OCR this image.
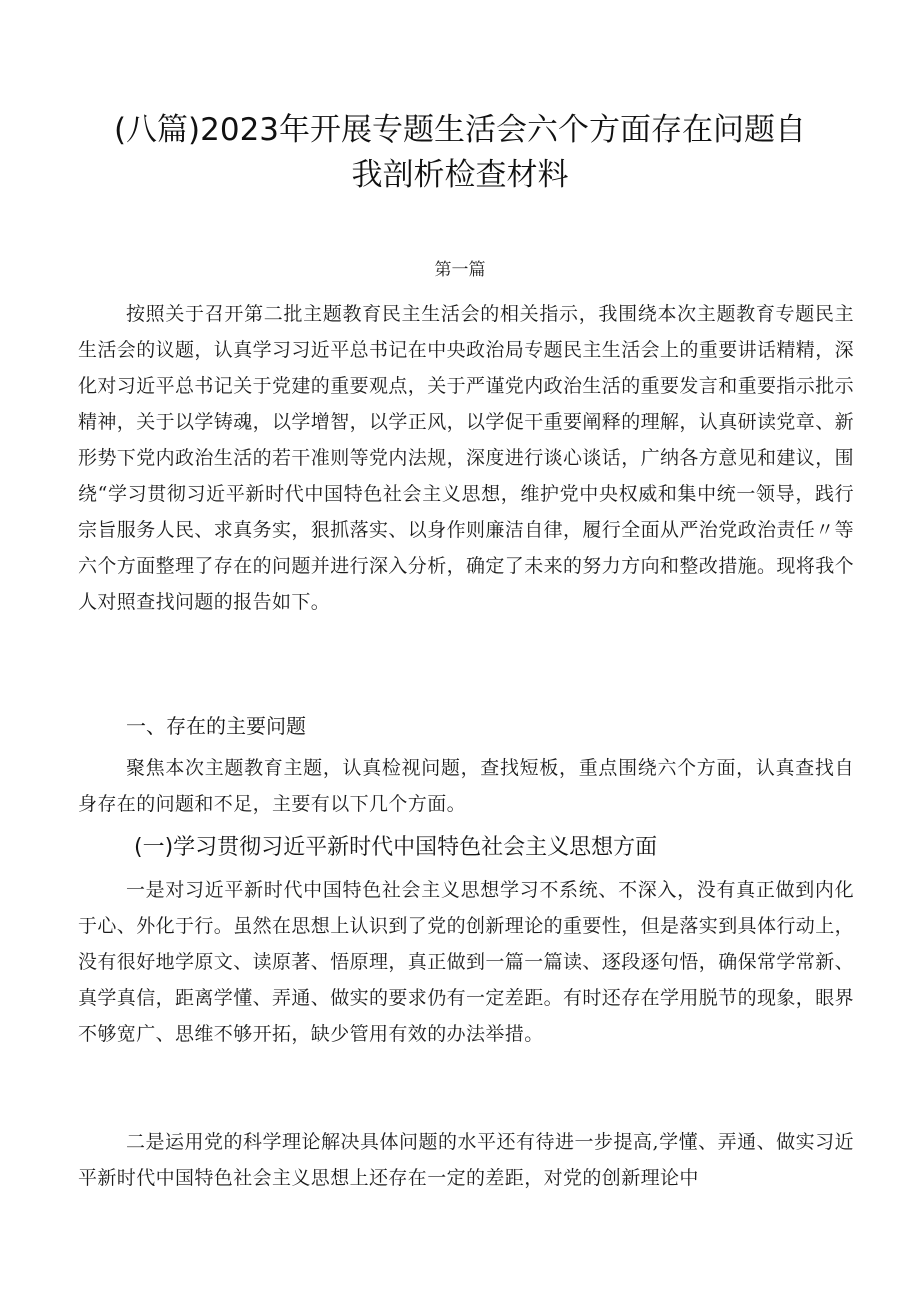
(八篇)2023年开展专题生活会六个方面存在问题自
我剖析检查材料
第一篇

按照关于召开第二批主题教育民主生活会的相关指示，我围绕本次主题教育专题民主生活会的议题，认真学习习近平总书记在中央政治局专题民主生活会上的重要讲话精精，深化对习近平总书记关于党建的重要观点，关于严谨党内政治生活的重要发言和重要指示批示精神，关于以学铸魂，以学增智，以学正风，以学促干重要阐释的理解，认真研读党章、新形势下党内政治生活的若干准则等党内法规，深度进行谈心谈话，广纳各方意见和建议，围绕“学习贯彻习近平新时代中国特色社会主义思想，维护党中央权威和集中统一领导，践行宗旨服务人民、求真务实，狠抓落实、以身作则廉洁自律，履行全面从严治党政治责任〃等六个方面整理了存在的问题并进行深入分析，确定了未来的努力方向和整改措施。现将我个人对照查找问题的报告如下。

一、存在的主要问题

聚焦本次主题教育主题，认真检视问题，查找短板，重点围绕六个方面，认真查找自身存在的问题和不足，主要有以下几个方面。

(一)学习贯彻习近平新时代中国特色社会主义思想方面

一是对习近平新时代中国特色社会主义思想学习不系统、不深入，没有真正做到内化于心、外化于行。虽然在思想上认识到了党的创新理论的重要性，但是落实到具体行动上，没有很好地学原文、读原著、悟原理，真正做到一篇一篇读、逐段逐句悟，确保常学常新、真学真信，距离学懂、弄通、做实的要求仍有一定差距。有时还存在学用脱节的现象，眼界不够宽广、思维不够开拓，缺少管用有效的办法举措。

二是运用党的科学理论解决具体问题的水平还有待进一步提高,学懂、弄通、做实习近平新时代中国特色社会主义思想上还存在一定的差距，对党的创新理论中
